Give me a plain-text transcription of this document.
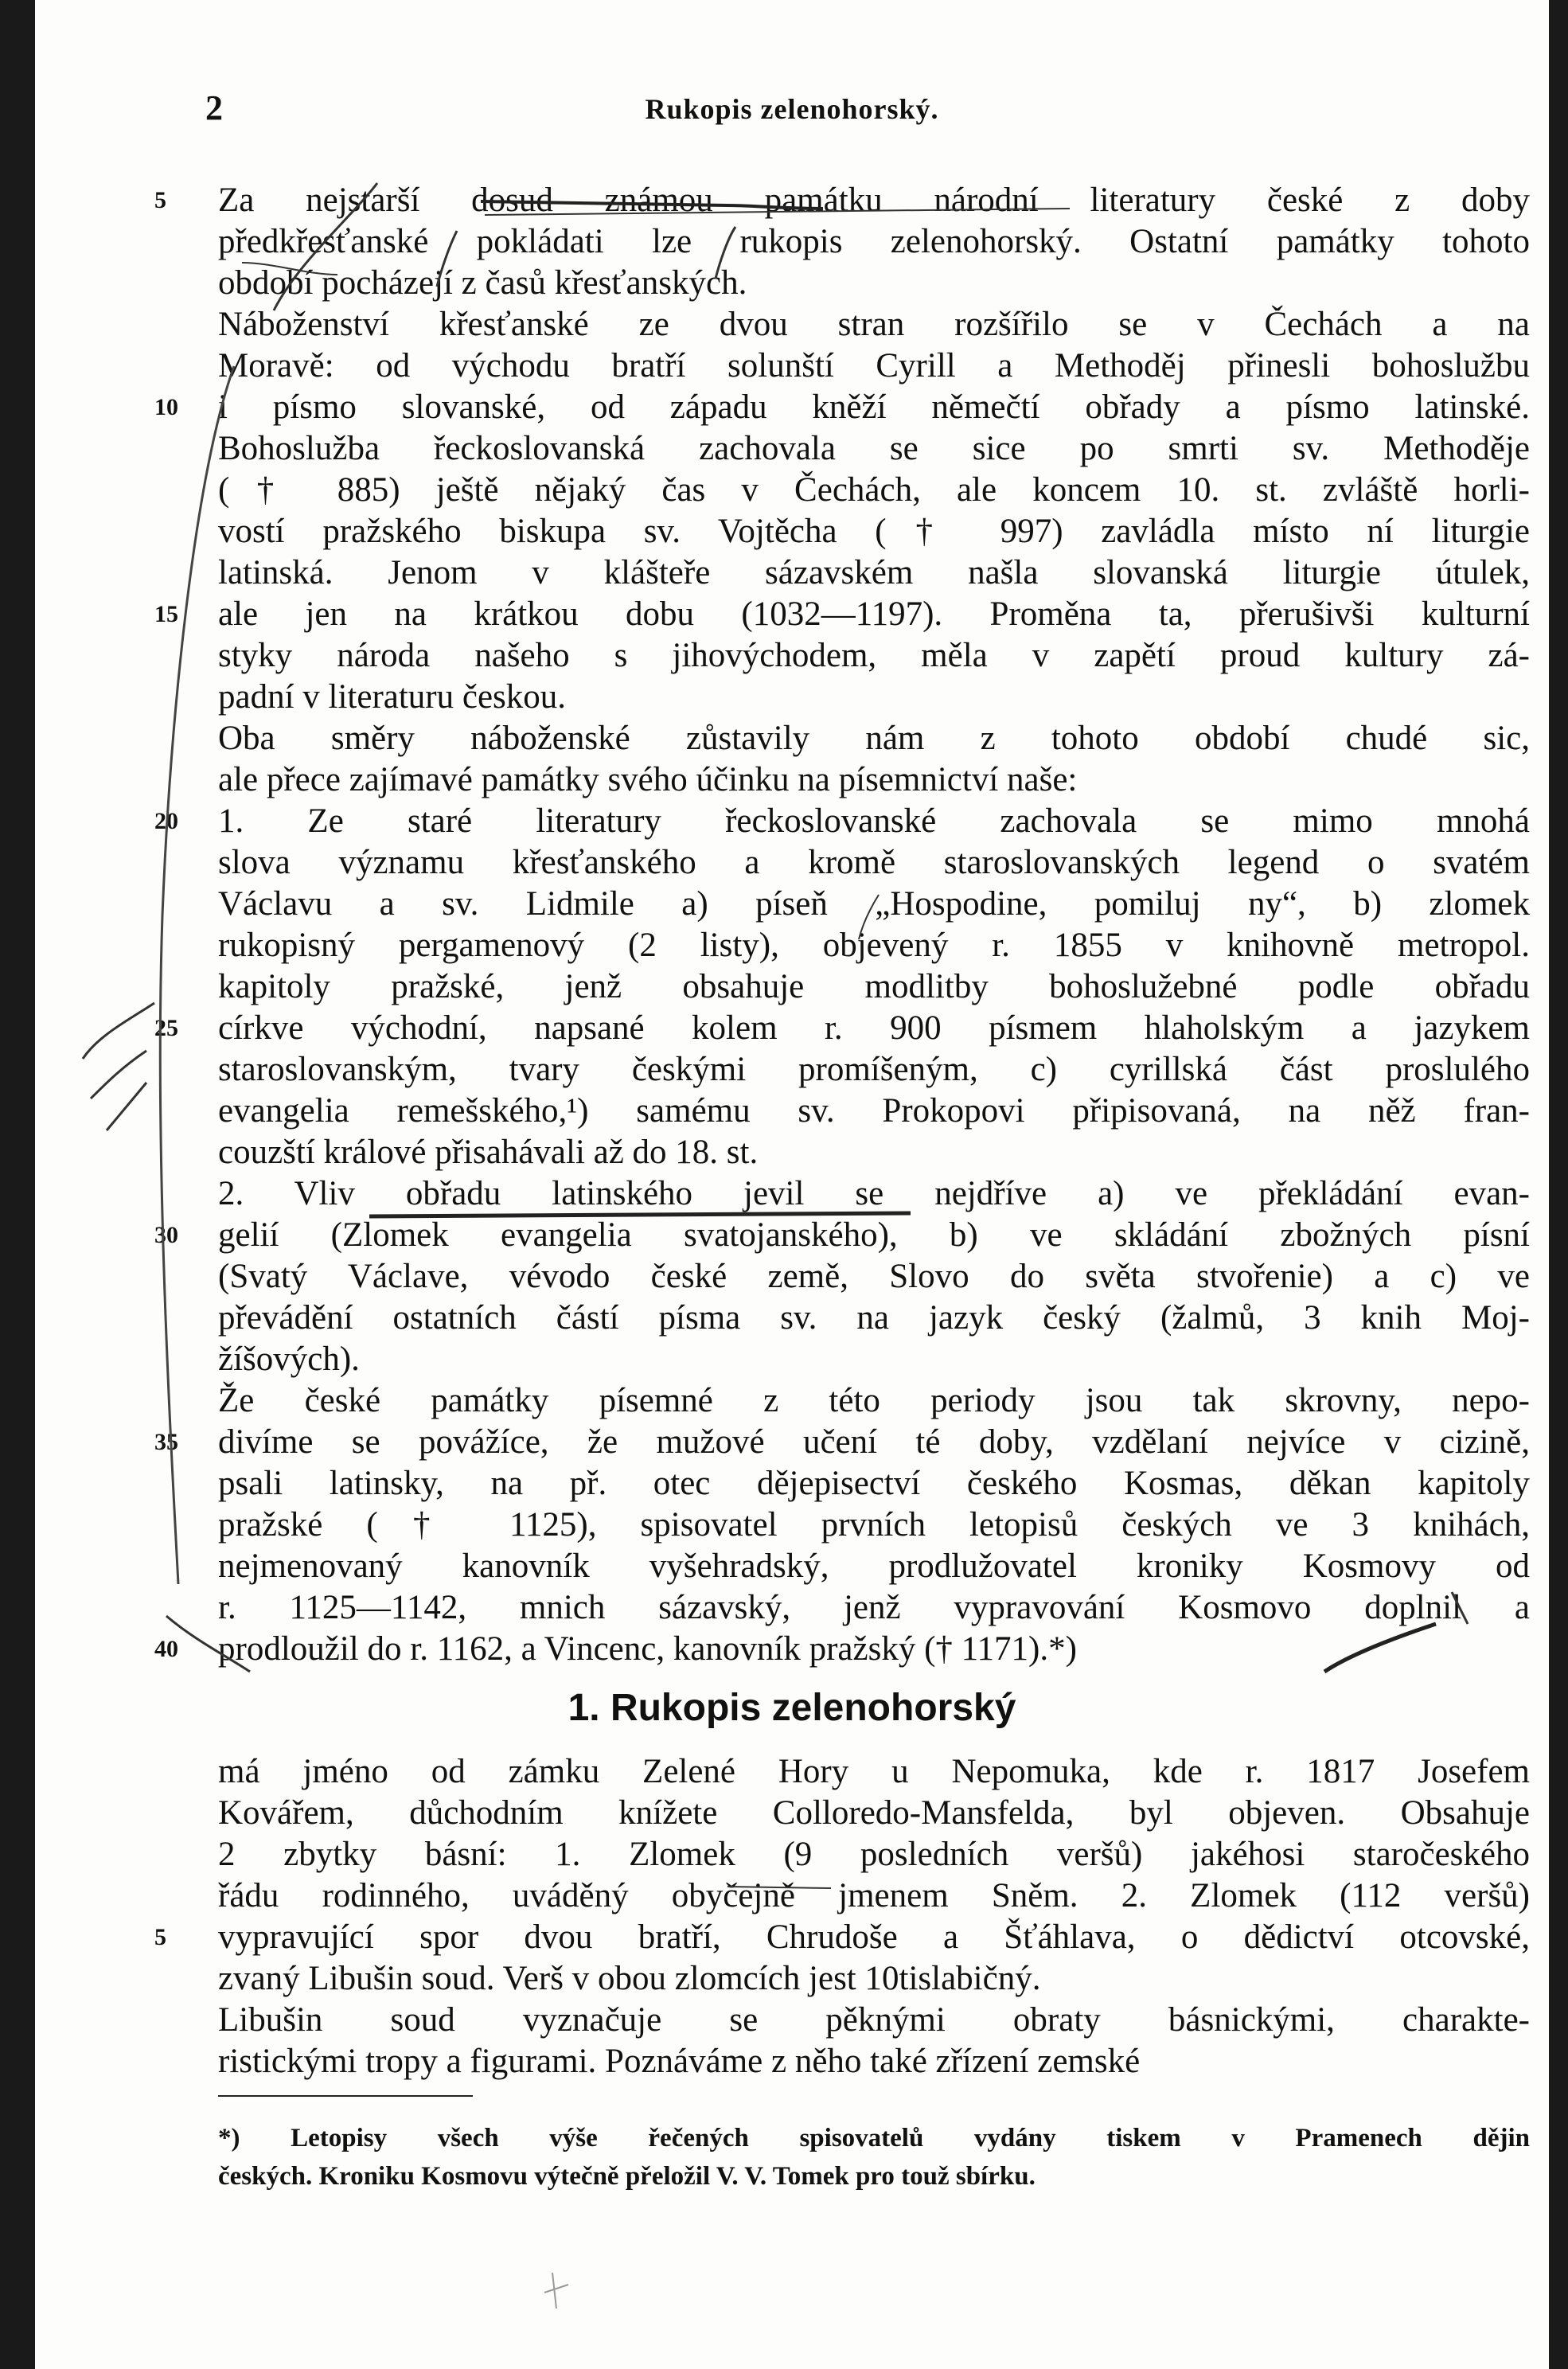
2	Rukopis zelenohorský.
5	Za nejstarší dosud známou památku národní literatury české z doby
předkřesťanské pokládati lze rukopis zelenohorský. Ostatní památky tohoto
období pocházejí z časů křesťanských.
Náboženství křesťanské ze dvou stran rozšířilo se v Čechách a na
Moravě: od východu bratří solunští Cyrill a Methoděj přinesli bohoslužbu
10	i písmo slovanské, od západu kněží němečtí obřady a písmo latinské.
Bohoslužba řeckoslovanská zachovala se sice po smrti sv. Methoděje
(† 885) ještě nějaký čas v Čechách, ale koncem 10. st. zvláště horli-
vostí pražského biskupa sv. Vojtěcha († 997) zavládla místo ní liturgie
latinská. Jenom v klášteře sázavském našla slovanská liturgie útulek,
15	ale jen na krátkou dobu (1032—1197). Proměna ta, přerušivši kulturní
styky národa našeho s jihovýchodem, měla v zapětí proud kultury zá-
padní v literaturu českou.
Oba směry náboženské zůstavily nám z tohoto období chudé sic,
ale přece zajímavé památky svého účinku na písemnictví naše:
20	1. Ze staré literatury řeckoslovanské zachovala se mimo mnohá
slova významu křesťanského a kromě staroslovanských legend o svatém
Václavu a sv. Lidmile a) píseň „Hospodine, pomiluj ny“, b) zlomek
rukopisný pergamenový (2 listy), objevený r. 1855 v knihovně metropol.
kapitoly pražské, jenž obsahuje modlitby bohoslužebné podle obřadu
25	církve východní, napsané kolem r. 900 písmem hlaholským a jazykem
staroslovanským, tvary českými promíšeným, c) cyrillská část proslulého
evangelia remešského,¹) samému sv. Prokopovi připisovaná, na něž fran-
couzští králové přisahávali až do 18. st.
2. Vliv obřadu latinského jevil se nejdříve a) ve překládání evan-
30	gelií (Zlomek evangelia svatojanského), b) ve skládání zbožných písní
(Svatý Václave, vévodo české země, Slovo do světa stvořenie) a c) ve
převádění ostatních částí písma sv. na jazyk český (žalmů, 3 knih Moj-
žíšových).
Že české památky písemné z této periody jsou tak skrovny, nepo-
35	divíme se povážíce, že mužové učení té doby, vzdělaní nejvíce v cizině,
psali latinsky, na př. otec dějepisectví českého Kosmas, děkan kapitoly
pražské († 1125), spisovatel prvních letopisů českých ve 3 knihách,
nejmenovaný kanovník vyšehradský, prodlužovatel kroniky Kosmovy od
r. 1125—1142, mnich sázavský, jenž vypravování Kosmovo doplnil a
40	prodloužil do r. 1162, a Vincenc, kanovník pražský († 1171).*)
1. Rukopis zelenohorský
má jméno od zámku Zelené Hory u Nepomuka, kde r. 1817 Josefem
Kovářem, důchodním knížete Colloredo-Mansfelda, byl objeven. Obsahuje
2 zbytky básní: 1. Zlomek (9 posledních veršů) jakéhosi staročeského
řádu rodinného, uváděný obyčejně jmenem Sněm. 2. Zlomek (112 veršů)
5	vypravující spor dvou bratří, Chrudoše a Šťáhlava, o dědictví otcovské,
zvaný Libušin soud. Verš v obou zlomcích jest 10tislabičný.
Libušin soud vyznačuje se pěknými obraty básnickými, charakte-
ristickými tropy a figurami. Poznáváme z něho také zřízení zemské
*) Letopisy všech výše řečených spisovatelů vydány tiskem v Pramenech dějin
českých. Kroniku Kosmovu výtečně přeložil V. V. Tomek pro touž sbírku.
